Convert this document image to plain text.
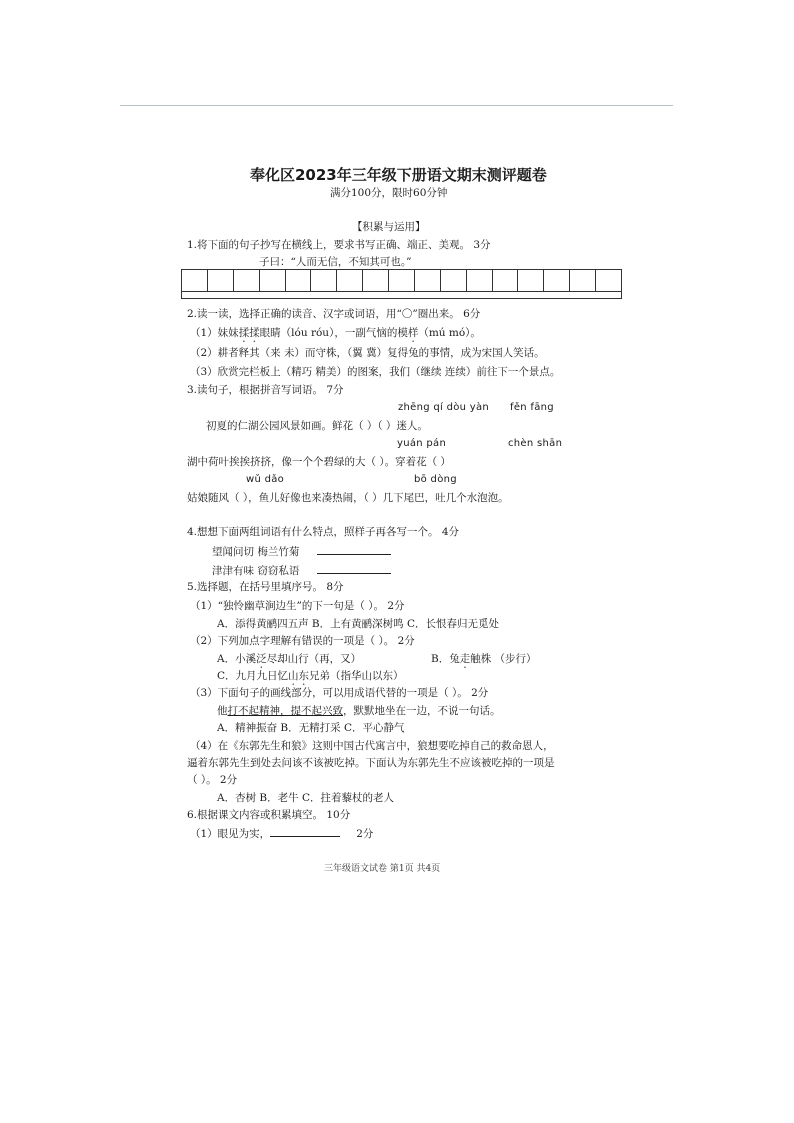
奉化区2023年三年级下册语文期末测评题卷
满分100分，限时60分钟
【积累与运用】
1.将下面的句子抄写在横线上，要求书写正确、端正、美观。 3分
子曰：“人而无信，不知其可也。”
2.读一读，选择正确的读音、汉字或词语，用“〇”圈出来。 6分
（1）妹妹揉揉眼睛（lóu róu），一副气恼的模样（mú mó）。
（2）耕者释其（来 未）而守株，（翼 冀）复得兔的事情，成为宋国人笑话。
（3）欣赏完栏板上（精巧 精美）的图案，我们（继续 连续）前往下一个景点。
3.读句子，根据拼音写词语。 7分
zhēng qí dòu yàn fěn fāng
初夏的仁湖公园风景如画。鲜花（ ）（ ）迷人。
yuán pán	chèn shān
湖中荷叶挨挨挤挤，像一个个碧绿的大（ ）。穿着花（ ）
wǔ dǎo	bō dòng
姑娘随风（ ），鱼儿好像也来凑热闹，（ ）几下尾巴，吐几个水泡泡。
4.想想下面两组词语有什么特点，照样子再各写一个。 4分
望闻问切 梅兰竹菊
津津有味 窃窃私语
5.选择题，在括号里填序号。 8分
（1）“独怜幽草涧边生”的下一句是（ ）。 2分
A．添得黄鹂四五声 B．上有黄鹂深树鸣 C．长恨春归无觅处
（2）下列加点字理解有错误的一项是（ ）。 2分
A．小溪泛尽却山行（再，又）	B．兔走触株 （步行）
C．九月九日忆山东兄弟（指华山以东）
（3）下面句子的画线部分，可以用成语代替的一项是（ ）。 2分
他打不起精神，提不起兴致，默默地坐在一边，不说一句话。
A．精神振奋 B．无精打采 C．平心静气
（4）在《东郭先生和狼》这则中国古代寓言中，狼想要吃掉自己的救命恩人，
逼着东郭先生到处去问该不该被吃掉。下面认为东郭先生不应该被吃掉的一项是
（ ）。 2分
A．杏树 B．老牛 C．拄着藜杖的老人
6.根据课文内容或积累填空。 10分
（1）眼见为实，	2分
三年级语文试卷 第1页 共4页
